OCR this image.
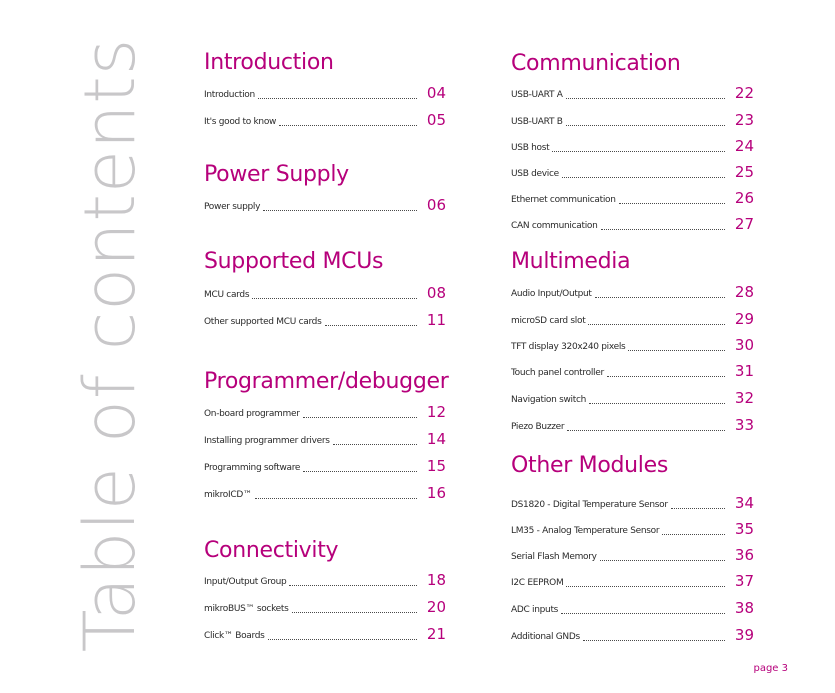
Table of contents Introduction
Introduction	04
It's good to know	05
Power Supply
Power supply	06
Supported MCUs
MCU cards	08
Other supported MCU cards	11
Programmer/debugger
On-board programmer	12
Installing programmer drivers	14
Programming software	15
mikroICD™	16
Connectivity
Input/Output Group	18
mikroBUS™ sockets	20
Click™ Boards	21
Communication
USB-UART A	22
USB-UART B	23
USB host	24
USB device	25
Ethernet communication	26
CAN communication	27
Multimedia
Audio Input/Output	28
microSD card slot	29
TFT display 320x240 pixels	30
Touch panel controller	31
Navigation switch	32
Piezo Buzzer	33
Other Modules
DS1820 - Digital Temperature Sensor	34
LM35 - Analog Temperature Sensor	35
Serial Flash Memory	36
I2C EEPROM	37
ADC inputs	38
Additional GNDs	39
page 3
